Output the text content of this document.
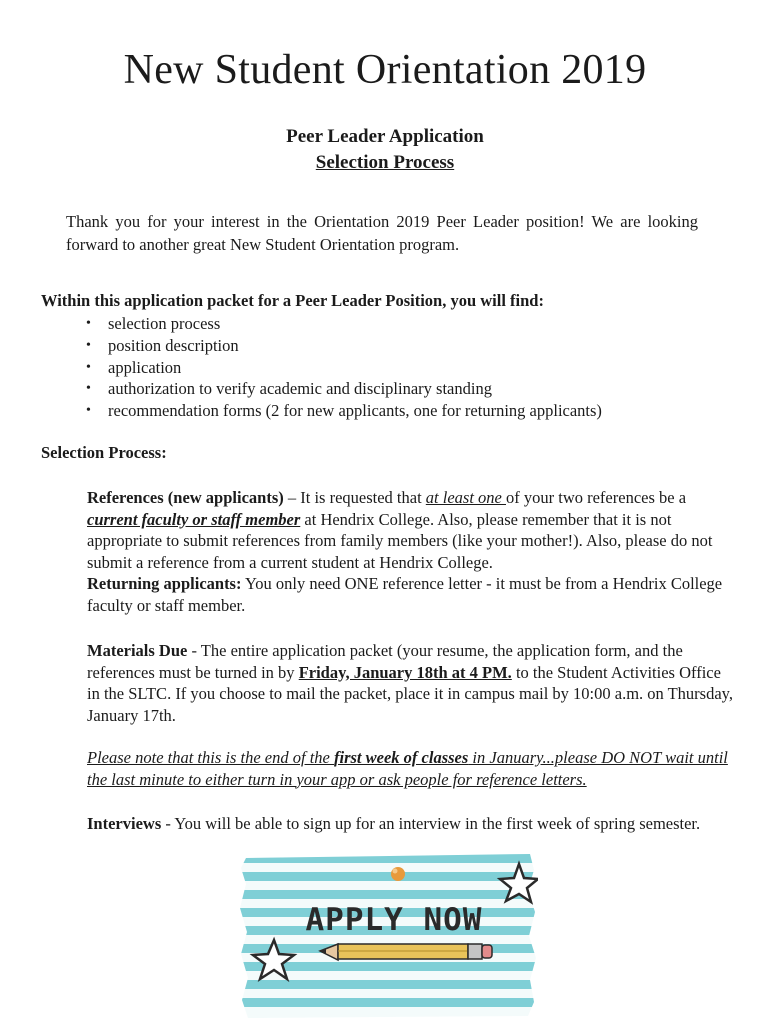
New Student Orientation 2019
Peer Leader Application
Selection Process

Thank you for your interest in the Orientation 2019 Peer Leader position! We are looking forward to another great New Student Orientation program.

Within this application packet for a Peer Leader Position, you will find:
• selection process
• position description
• application
• authorization to verify academic and disciplinary standing
• recommendation forms (2 for new applicants, one for returning applicants)
Selection Process:
References (new applicants) – It is requested that at least one of your two references be a current faculty or staff member at Hendrix College. Also, please remember that it is not appropriate to submit references from family members (like your mother!). Also, please do not submit a reference from a current student at Hendrix College.
Returning applicants: You only need ONE reference letter - it must be from a Hendrix College faculty or staff member.
Materials Due - The entire application packet (your resume, the application form, and the references must be turned in by Friday, January 18th at 4 PM. to the Student Activities Office in the SLTC. If you choose to mail the packet, place it in campus mail by 10:00 a.m. on Thursday, January 17th.
Please note that this is the end of the first week of classes in January...please DO NOT wait until the last minute to either turn in your app or ask people for reference letters.
Interviews - You will be able to sign up for an interview in the first week of spring semester.
APPLY NOW
